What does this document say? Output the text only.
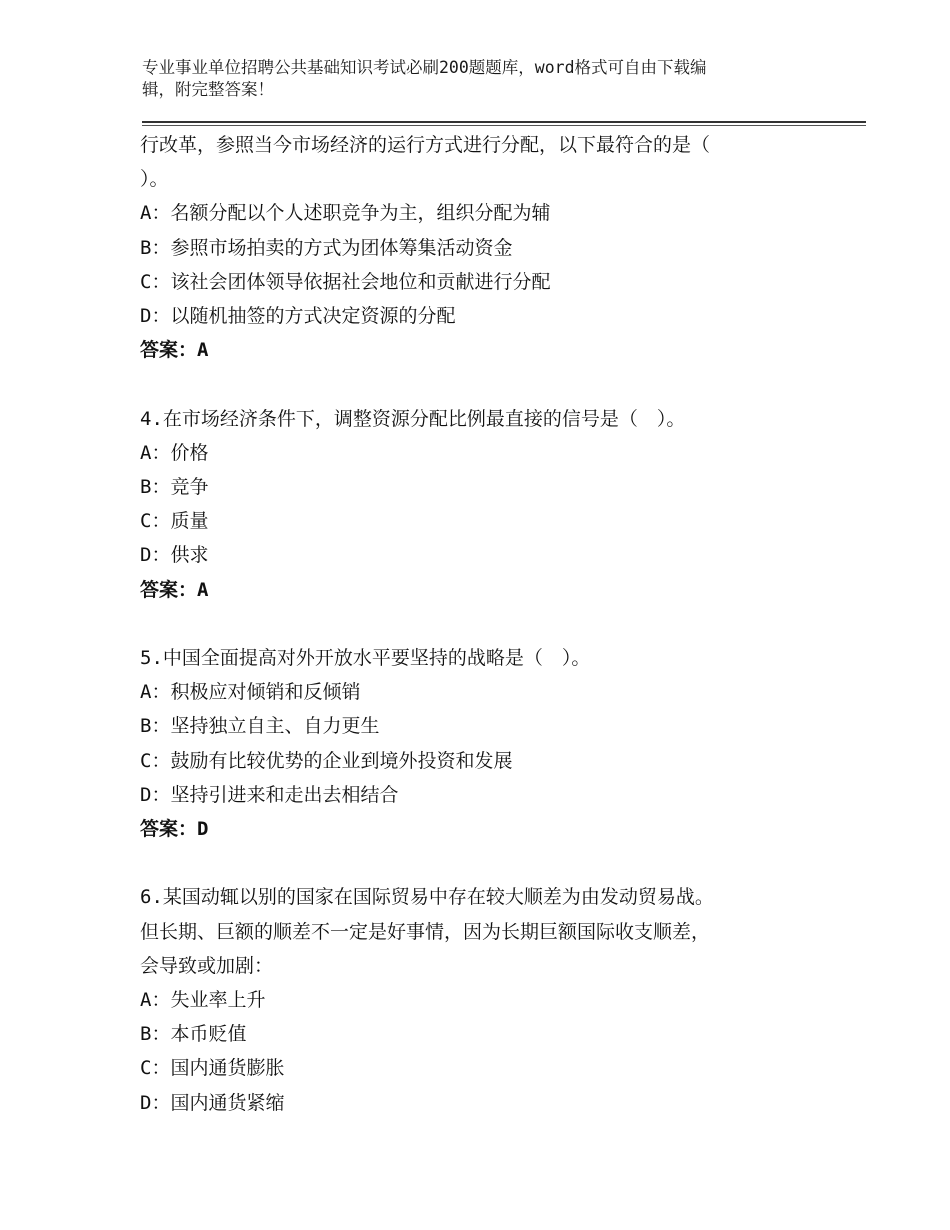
专业事业单位招聘公共基础知识考试必刷200题题库，word格式可自由下载编
辑，附完整答案！
行改革，参照当今市场经济的运行方式进行分配，以下最符合的是（
）。
A：名额分配以个人述职竞争为主，组织分配为辅
B：参照市场拍卖的方式为团体筹集活动资金
C：该社会团体领导依据社会地位和贡献进行分配
D：以随机抽签的方式决定资源的分配
答案：A
4.在市场经济条件下，调整资源分配比例最直接的信号是（　）。
A：价格
B：竞争
C：质量
D：供求
答案：A
5.中国全面提高对外开放水平要坚持的战略是（　）。
A：积极应对倾销和反倾销
B：坚持独立自主、自力更生
C：鼓励有比较优势的企业到境外投资和发展
D：坚持引进来和走出去相结合
答案：D
6.某国动辄以别的国家在国际贸易中存在较大顺差为由发动贸易战。
但长期、巨额的顺差不一定是好事情，因为长期巨额国际收支顺差，
会导致或加剧：
A：失业率上升
B：本币贬值
C：国内通货膨胀
D：国内通货紧缩
